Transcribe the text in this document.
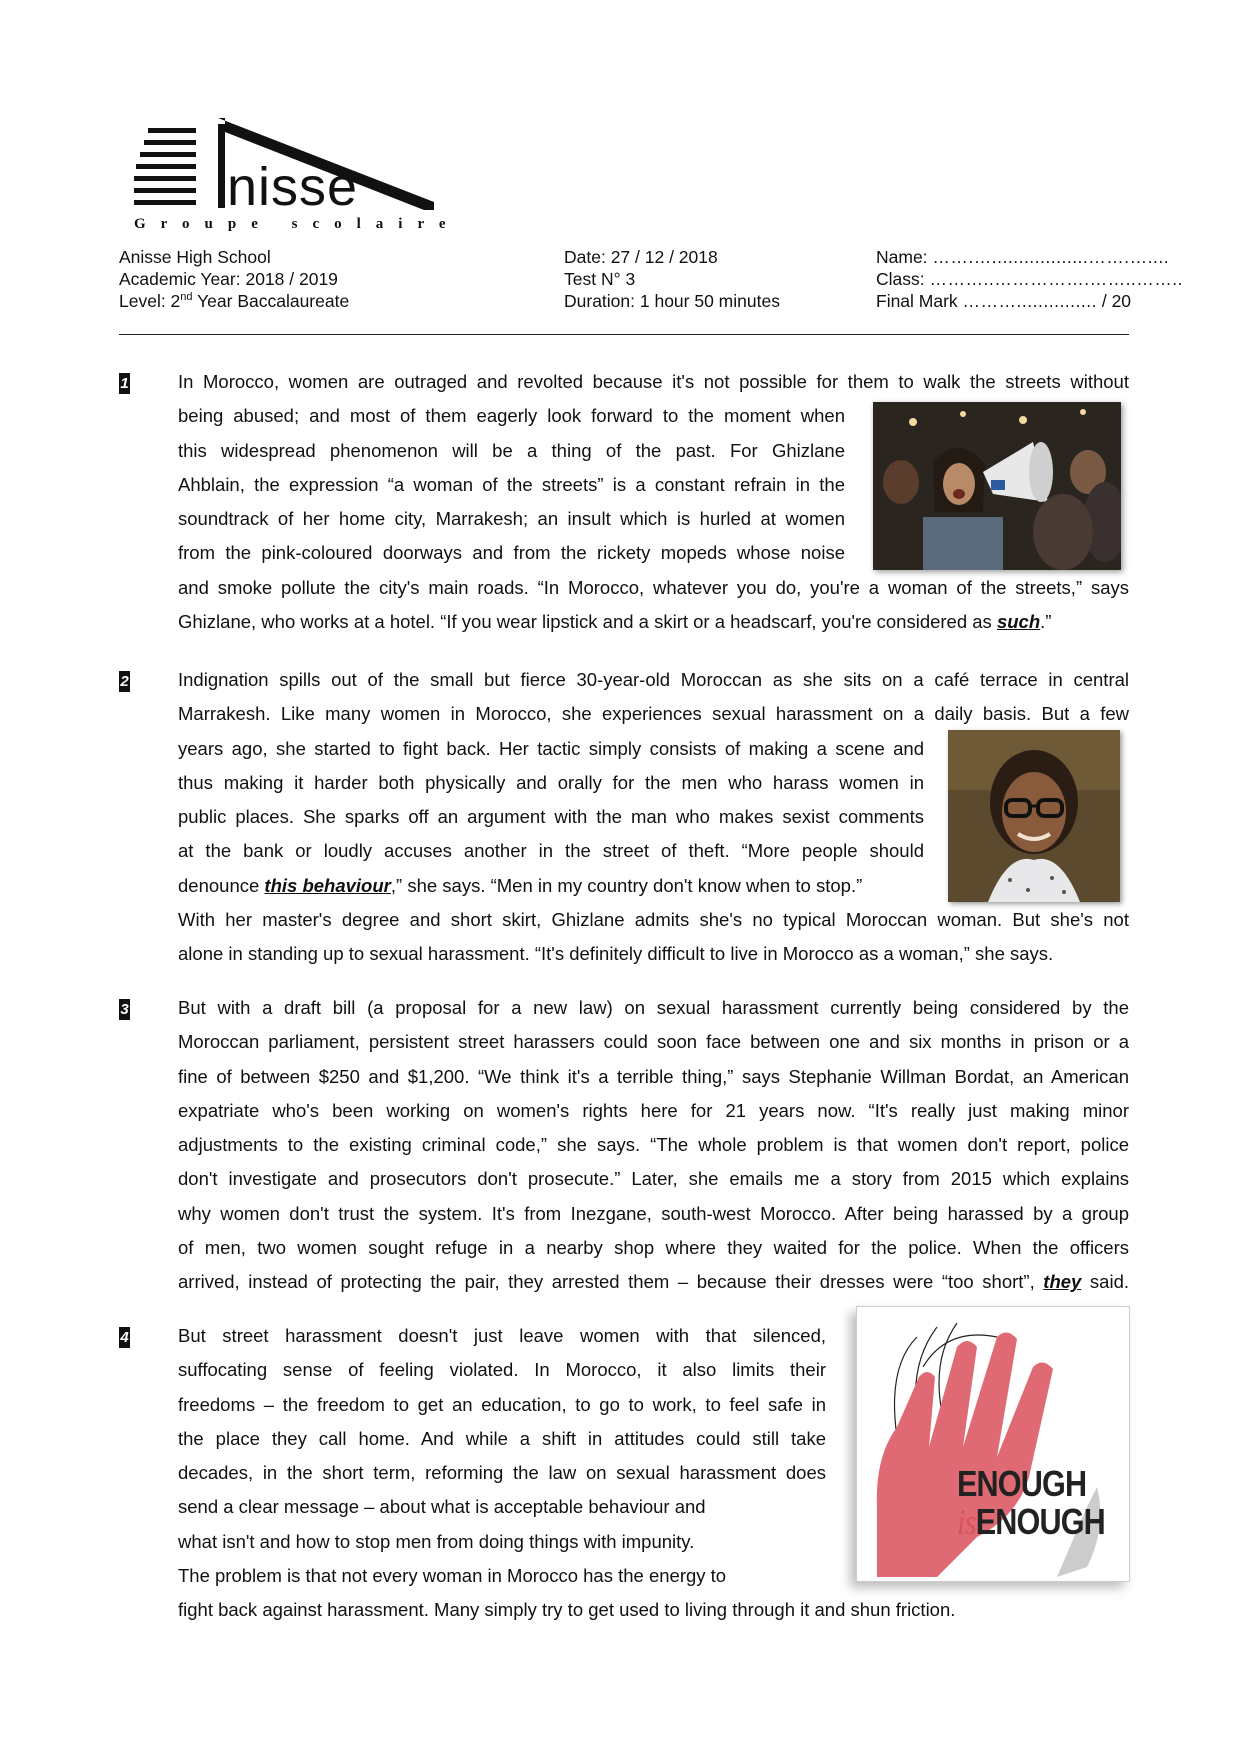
nisse
Groupe scolaire
Anisse High School
Academic Year: 2018 / 2019
Level: 2nd Year Baccalaureate
Date: 27 / 12 / 2018
Test N° 3
Duration: 1 hour 50 minutes
Name: …….…..................…….…....
Class: ………..…………….……..……..
Final Mark ………............... / 20
1	In Morocco, women are outraged and revolted because it's not possible for them to walk the streets without
being abused; and most of them eagerly look forward to the moment when
this widespread phenomenon will be a thing of the past. For Ghizlane
Ahblain, the expression “a woman of the streets” is a constant refrain in the
soundtrack of her home city, Marrakesh; an insult which is hurled at women
from the pink-coloured doorways and from the rickety mopeds whose noise
and smoke pollute the city's main roads. “In Morocco, whatever you do, you're a woman of the streets,” says
Ghizlane, who works at a hotel. “If you wear lipstick and a skirt or a headscarf, you're considered as such.”
2	Indignation spills out of the small but fierce 30-year-old Moroccan as she sits on a café terrace in central
Marrakesh. Like many women in Morocco, she experiences sexual harassment on a daily basis. But a few
years ago, she started to fight back. Her tactic simply consists of making a scene and
thus making it harder both physically and orally for the men who harass women in
public places. She sparks off an argument with the man who makes sexist comments
at the bank or loudly accuses another in the street of theft. “More people should
denounce this behaviour,” she says. “Men in my country don't know when to stop.”
With her master's degree and short skirt, Ghizlane admits she's no typical Moroccan woman. But she's not
alone in standing up to sexual harassment. “It's definitely difficult to live in Morocco as a woman,” she says.
3	But with a draft bill (a proposal for a new law) on sexual harassment currently being considered by the
Moroccan parliament, persistent street harassers could soon face between one and six months in prison or a
fine of between $250 and $1,200. “We think it's a terrible thing,” says Stephanie Willman Bordat, an American
expatriate who's been working on women's rights here for 21 years now. “It's really just making minor
adjustments to the existing criminal code,” she says. “The whole problem is that women don't report, police
don't investigate and prosecutors don't prosecute.” Later, she emails me a story from 2015 which explains
why women don't trust the system. It's from Inezgane, south-west Morocco. After being harassed by a group
of men, two women sought refuge in a nearby shop where they waited for the police. When the officers
arrived, instead of protecting the pair, they arrested them – because their dresses were “too short”, they said.
4	But street harassment doesn't just leave women with that silenced,
suffocating sense of feeling violated. In Morocco, it also limits their
freedoms – the freedom to get an education, to go to work, to feel safe in
the place they call home. And while a shift in attitudes could still take
decades, in the short term, reforming the law on sexual harassment does
send a clear message – about what is acceptable behaviour and
what isn't and how to stop men from doing things with impunity.
The problem is that not every woman in Morocco has the energy to
fight back against harassment. Many simply try to get used to living through it and shun friction.
ENOUGH
isENOUGH
